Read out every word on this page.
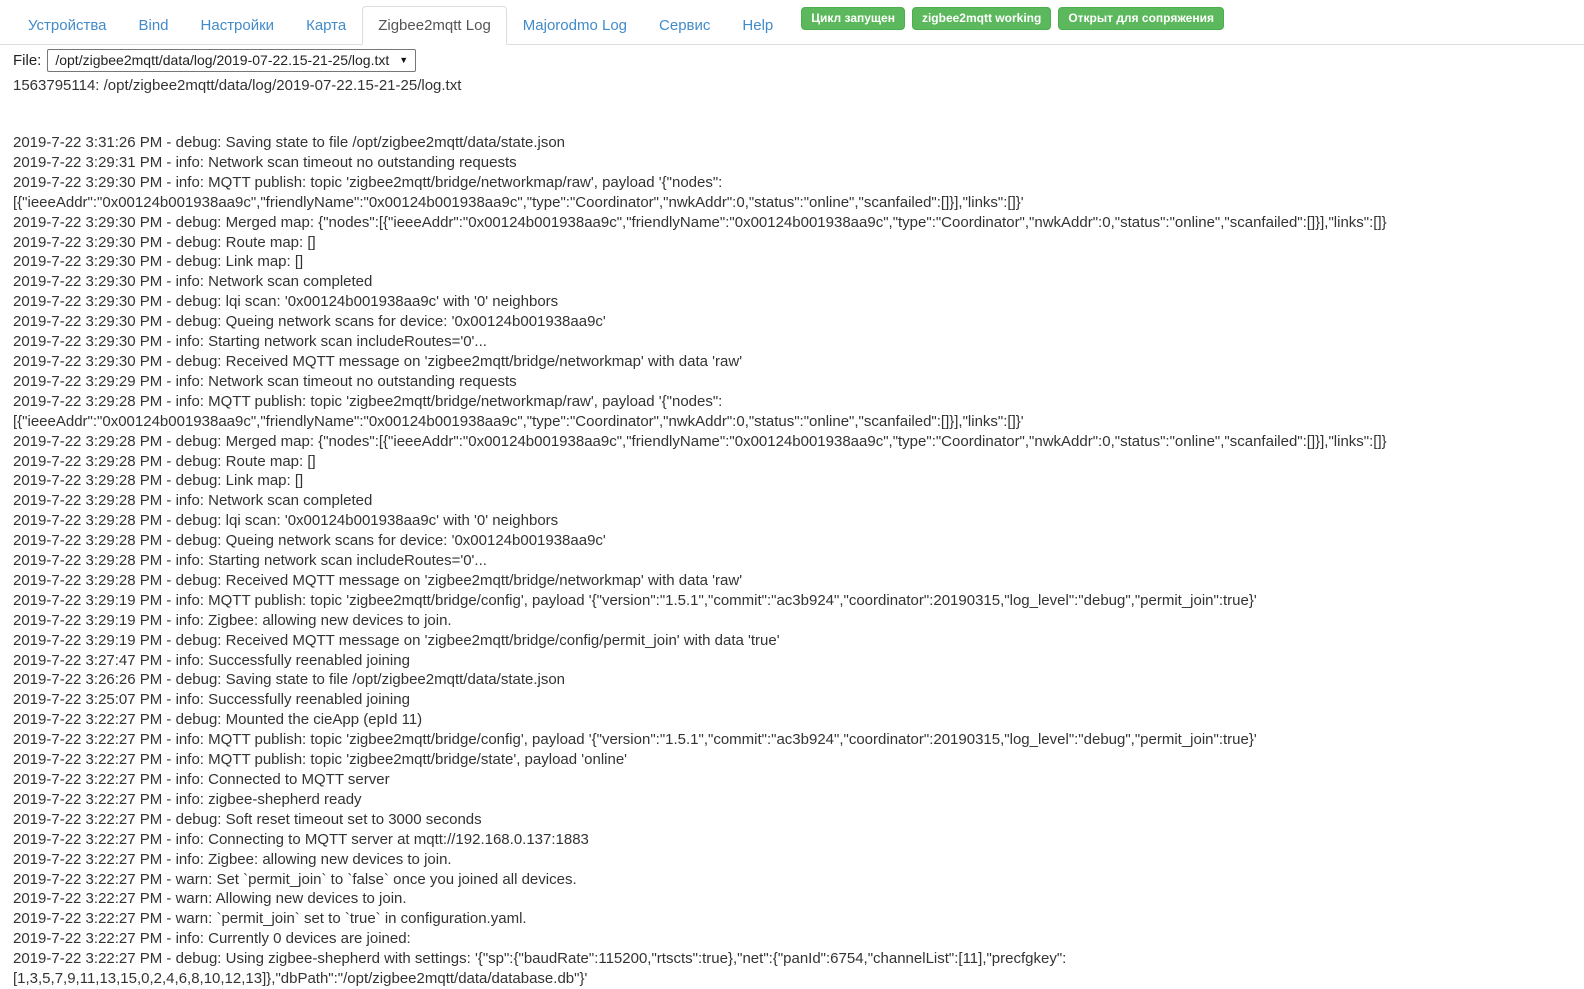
Устройства	Bind	Настройки	Карта	Zigbee2mqtt Log	Majorodmo Log	Сервис	Help	Цикл запущен	zigbee2mqtt working	Открыт для сопряжения
File: /opt/zigbee2mqtt/data/log/2019-07-22.15-21-25/log.txt ▼
1563795114: /opt/zigbee2mqtt/data/log/2019-07-22.15-21-25/log.txt
2019-7-22 3:31:26 PM - debug: Saving state to file /opt/zigbee2mqtt/data/state.json
2019-7-22 3:29:31 PM - info: Network scan timeout no outstanding requests
2019-7-22 3:29:30 PM - info: MQTT publish: topic 'zigbee2mqtt/bridge/networkmap/raw', payload '{"nodes":[{"ieeeAddr":"0x00124b001938aa9c","friendlyName":"0x00124b001938aa9c","type":"Coordinator","nwkAddr":0,"status":"online","scanfailed":[]}],"links":[]}'
2019-7-22 3:29:30 PM - debug: Merged map: {"nodes":[{"ieeeAddr":"0x00124b001938aa9c","friendlyName":"0x00124b001938aa9c","type":"Coordinator","nwkAddr":0,"status":"online","scanfailed":[]}],"links":[]}
2019-7-22 3:29:30 PM - debug: Route map: []
2019-7-22 3:29:30 PM - debug: Link map: []
2019-7-22 3:29:30 PM - info: Network scan completed
2019-7-22 3:29:30 PM - debug: lqi scan: '0x00124b001938aa9c' with '0' neighbors
2019-7-22 3:29:30 PM - debug: Queing network scans for device: '0x00124b001938aa9c'
2019-7-22 3:29:30 PM - info: Starting network scan includeRoutes='0'...
2019-7-22 3:29:30 PM - debug: Received MQTT message on 'zigbee2mqtt/bridge/networkmap' with data 'raw'
2019-7-22 3:29:29 PM - info: Network scan timeout no outstanding requests
2019-7-22 3:29:28 PM - info: MQTT publish: topic 'zigbee2mqtt/bridge/networkmap/raw', payload '{"nodes":[{"ieeeAddr":"0x00124b001938aa9c","friendlyName":"0x00124b001938aa9c","type":"Coordinator","nwkAddr":0,"status":"online","scanfailed":[]}],"links":[]}'
2019-7-22 3:29:28 PM - debug: Merged map: {"nodes":[{"ieeeAddr":"0x00124b001938aa9c","friendlyName":"0x00124b001938aa9c","type":"Coordinator","nwkAddr":0,"status":"online","scanfailed":[]}],"links":[]}
2019-7-22 3:29:28 PM - debug: Route map: []
2019-7-22 3:29:28 PM - debug: Link map: []
2019-7-22 3:29:28 PM - info: Network scan completed
2019-7-22 3:29:28 PM - debug: lqi scan: '0x00124b001938aa9c' with '0' neighbors
2019-7-22 3:29:28 PM - debug: Queing network scans for device: '0x00124b001938aa9c'
2019-7-22 3:29:28 PM - info: Starting network scan includeRoutes='0'...
2019-7-22 3:29:28 PM - debug: Received MQTT message on 'zigbee2mqtt/bridge/networkmap' with data 'raw'
2019-7-22 3:29:19 PM - info: MQTT publish: topic 'zigbee2mqtt/bridge/config', payload '{"version":"1.5.1","commit":"ac3b924","coordinator":20190315,"log_level":"debug","permit_join":true}'
2019-7-22 3:29:19 PM - info: Zigbee: allowing new devices to join.
2019-7-22 3:29:19 PM - debug: Received MQTT message on 'zigbee2mqtt/bridge/config/permit_join' with data 'true'
2019-7-22 3:27:47 PM - info: Successfully reenabled joining
2019-7-22 3:26:26 PM - debug: Saving state to file /opt/zigbee2mqtt/data/state.json
2019-7-22 3:25:07 PM - info: Successfully reenabled joining
2019-7-22 3:22:27 PM - debug: Mounted the cieApp (epId 11)
2019-7-22 3:22:27 PM - info: MQTT publish: topic 'zigbee2mqtt/bridge/config', payload '{"version":"1.5.1","commit":"ac3b924","coordinator":20190315,"log_level":"debug","permit_join":true}'
2019-7-22 3:22:27 PM - info: MQTT publish: topic 'zigbee2mqtt/bridge/state', payload 'online'
2019-7-22 3:22:27 PM - info: Connected to MQTT server
2019-7-22 3:22:27 PM - info: zigbee-shepherd ready
2019-7-22 3:22:27 PM - debug: Soft reset timeout set to 3000 seconds
2019-7-22 3:22:27 PM - info: Connecting to MQTT server at mqtt://192.168.0.137:1883
2019-7-22 3:22:27 PM - info: Zigbee: allowing new devices to join.
2019-7-22 3:22:27 PM - warn: Set `permit_join` to `false` once you joined all devices.
2019-7-22 3:22:27 PM - warn: Allowing new devices to join.
2019-7-22 3:22:27 PM - warn: `permit_join` set to `true` in configuration.yaml.
2019-7-22 3:22:27 PM - info: Currently 0 devices are joined:
2019-7-22 3:22:27 PM - debug: Using zigbee-shepherd with settings: '{"sp":{"baudRate":115200,"rtscts":true},"net":{"panId":6754,"channelList":[11],"precfgkey":[1,3,5,7,9,11,13,15,0,2,4,6,8,10,12,13]},"dbPath":"/opt/zigbee2mqtt/data/database.db"}'
